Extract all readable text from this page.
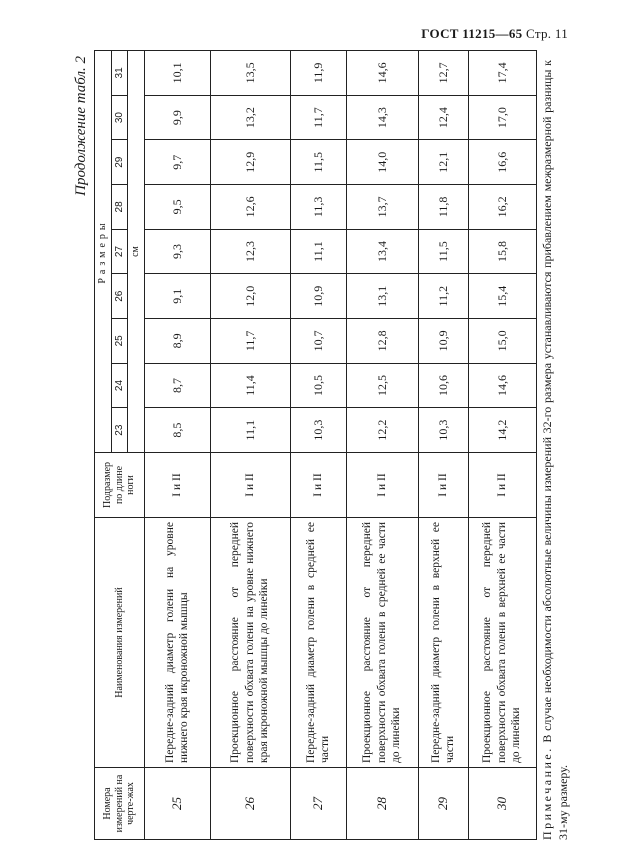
ГОСТ 11215—65 Стр. 11
Продолжение табл. 2
Номера измерений на черте-жах	Наименования измерений	Подразмер по длине ноги	Размеры								
			23	24	25	26	27	28	29	30	31
			см								
25	Передне-задний диаметр голени на уровне нижнего края икроножной мышцы	I и II	8,5	8,7	8,9	9,1	9,3	9,5	9,7	9,9	10,1
26	Проекционное расстояние от передней поверхности обхвата голени на уровне нижнего края икроножной мышцы до линейки	I и II	11,1	11,4	11,7	12,0	12,3	12,6	12,9	13,2	13,5
27	Передне-задний диаметр голени в средней ее части	I и II	10,3	10,5	10,7	10,9	11,1	11,3	11,5	11,7	11,9
28	Проекционное расстояние от передней поверхности обхвата голени в средней ее части до линейки	I и II	12,2	12,5	12,8	13,1	13,4	13,7	14,0	14,3	14,6
29	Передне-задний диаметр голени в верхней ее части	I и II	10,3	10,6	10,9	11,2	11,5	11,8	12,1	12,4	12,7
30	Проекционное расстояние от передней поверхности обхвата голени в верхней ее части до линейки	I и II	14,2	14,6	15,0	15,4	15,8	16,2	16,6	17,0	17,4
Примечание. В случае необходимости абсолютные величины измерений 32-го размера устанавливаются прибавлением межразмерной разницы к 31-му размеру.
